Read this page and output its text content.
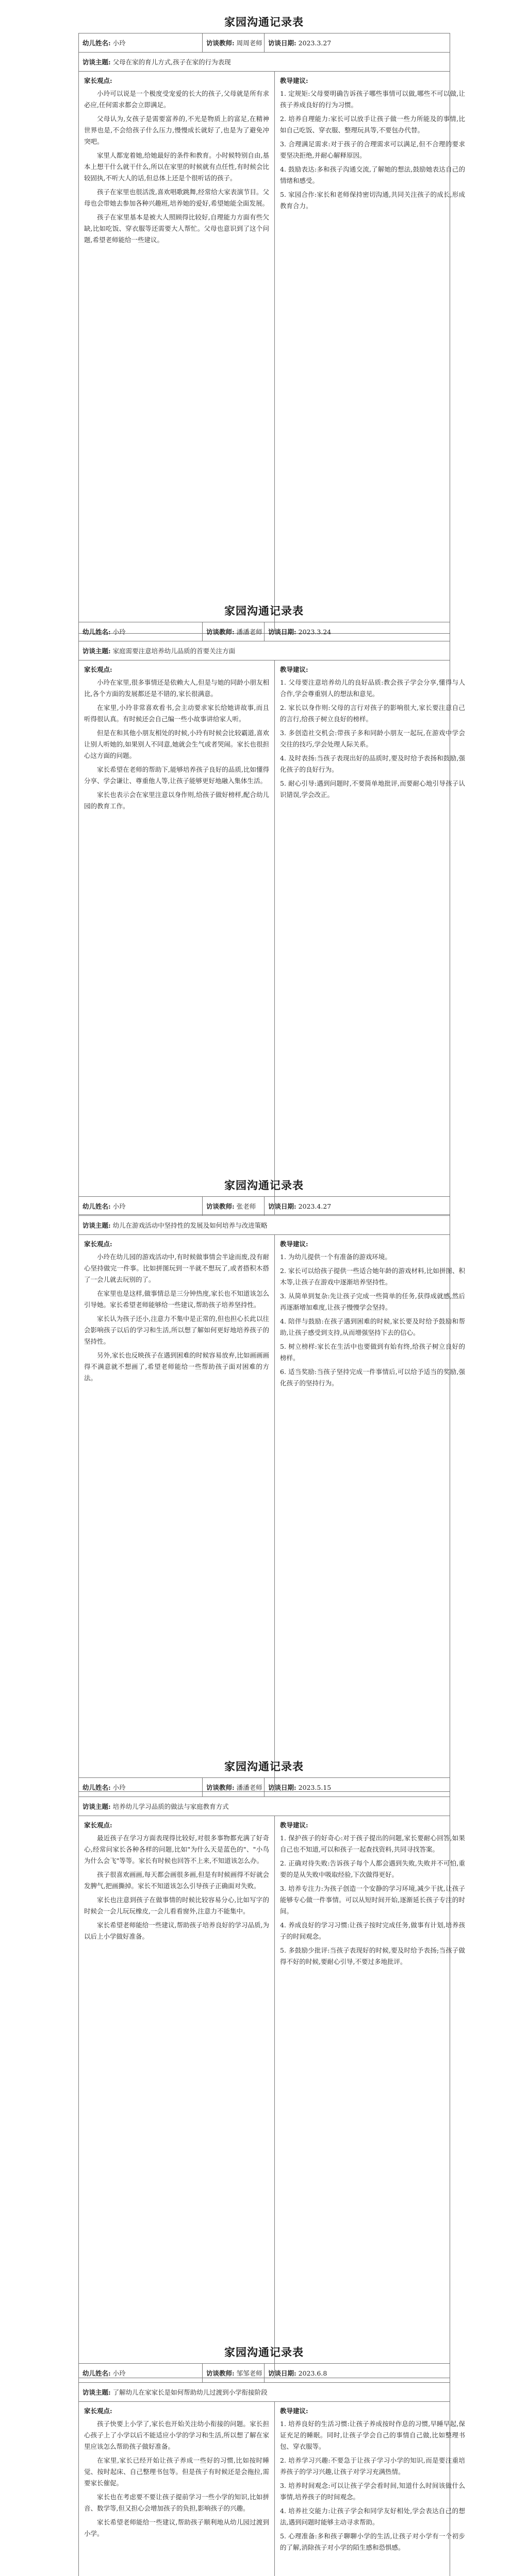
家园沟通记录表
幼儿姓名: 小玲	访谈教师: 周周老师	访谈日期: 2023.3.27
访谈主题: 父母在家的育儿方式,孩子在家的行为表现

家长观点:

小玲可以说是一个极度受宠爱的长大的孩子,父母就是所有求必应,任何需求都会立即满足。

父母认为,女孩子是需要富养的,不光是物质上的富足,在精神世界也是,不会给孩子什么压力,慢慢成长就好了,也是为了避免冲突吧。

家里人都宠着她,给她最好的条件和教育。小时候特别自由,基本上想干什么就干什么,所以在家里的时候就有点任性,有时候会比较固执,不听大人的话,但总体上还是个很听话的孩子。

孩子在家里也很活泼,喜欢唱歌跳舞,经常给大家表演节目。父母也会带她去参加各种兴趣班,培养她的爱好,希望她能全面发展。

孩子在家里基本是被大人照顾得比较好,自理能力方面有些欠缺,比如吃饭、穿衣服等还需要大人帮忙。父母也意识到了这个问题,希望老师能给一些建议。

教导建议:

1. 定规矩:父母要明确告诉孩子哪些事情可以做,哪些不可以做,让孩子养成良好的行为习惯。

2. 培养自理能力:家长可以放手让孩子做一些力所能及的事情,比如自己吃饭、穿衣服、整理玩具等,不要包办代替。

3. 合理满足需求:对于孩子的合理需求可以满足,但不合理的要求要坚决拒绝,并耐心解释原因。

4. 鼓励表达:多和孩子沟通交流,了解她的想法,鼓励她表达自己的情绪和感受。

5. 家园合作:家长和老师保持密切沟通,共同关注孩子的成长,形成教育合力。

家园沟通记录表
幼儿姓名: 小玲	访谈教师: 潘潘老师	访谈日期: 2023.3.24
访谈主题: 家庭需要注意培养幼儿品质的首要关注方面

家长观点:

小玲在家里,很多事情还是依赖大人,但是与她的同龄小朋友相比,各个方面的发展都还是不错的,家长很满意。

在家里,小玲非常喜欢看书,会主动要求家长给她讲故事,而且听得很认真。有时候还会自己编一些小故事讲给家人听。

但是在和其他小朋友相处的时候,小玲有时候会比较霸道,喜欢让别人听她的,如果别人不同意,她就会生气或者哭闹。家长也很担心这方面的问题。

家长希望在老师的帮助下,能够培养孩子良好的品质,比如懂得分享、学会谦让、尊重他人等,让孩子能够更好地融入集体生活。

家长也表示会在家里注意以身作则,给孩子做好榜样,配合幼儿园的教育工作。

教导建议:

1. 父母要注意培养幼儿的良好品质:教会孩子学会分享,懂得与人合作,学会尊重别人的想法和意见。

2. 家长以身作则:父母的言行对孩子的影响很大,家长要注意自己的言行,给孩子树立良好的榜样。

3. 多创造社交机会:带孩子多和同龄小朋友一起玩,在游戏中学会交往的技巧,学会处理人际关系。

4. 及时表扬:当孩子表现出好的品质时,要及时给予表扬和鼓励,强化孩子的良好行为。

5. 耐心引导:遇到问题时,不要简单地批评,而要耐心地引导孩子认识错误,学会改正。

家园沟通记录表
幼儿姓名: 小玲	访谈教师: 张老师	访谈日期: 2023.4.27
访谈主题: 幼儿在游戏活动中坚持性的发展及如何培养与改进策略

家长观点:

小玲在幼儿园的游戏活动中,有时候做事情会半途而废,没有耐心坚持做完一件事。比如拼图玩到一半就不想玩了,或者搭积木搭了一会儿就去玩别的了。

在家里也是这样,做事情总是三分钟热度,家长也不知道该怎么引导她。家长希望老师能够给一些建议,帮助孩子培养坚持性。

家长认为孩子还小,注意力不集中是正常的,但也担心长此以往会影响孩子以后的学习和生活,所以想了解如何更好地培养孩子的坚持性。

另外,家长也反映孩子在遇到困难的时候容易放弃,比如画画画得不满意就不想画了,希望老师能给一些帮助孩子面对困难的方法。

教导建议:

1. 为幼儿提供一个有准备的游戏环境。

2. 家长可以给孩子提供一些适合她年龄的游戏材料,比如拼图、积木等,让孩子在游戏中逐渐培养坚持性。

3. 从简单到复杂:先让孩子完成一些简单的任务,获得成就感,然后再逐渐增加难度,让孩子慢慢学会坚持。

4. 陪伴与鼓励:在孩子遇到困难的时候,家长要及时给予鼓励和帮助,让孩子感受到支持,从而增强坚持下去的信心。

5. 树立榜样:家长在生活中也要做到有始有终,给孩子树立良好的榜样。

6. 适当奖励:当孩子坚持完成一件事情后,可以给予适当的奖励,强化孩子的坚持行为。

家园沟通记录表
幼儿姓名: 小玲	访谈教师: 潘潘老师	访谈日期: 2023.5.15
访谈主题: 培养幼儿学习品质的做法与家庭教育方式

家长观点:

最近孩子在学习方面表现得比较好,对很多事物都充满了好奇心,经常问家长各种各样的问题,比如"为什么天是蓝色的"、"小鸟为什么会飞"等等。家长有时候也回答不上来,不知道该怎么办。

孩子很喜欢画画,每天都会画很多画,但是有时候画得不好就会发脾气,把画撕掉。家长不知道该怎么引导孩子正确面对失败。

家长也注意到孩子在做事情的时候比较容易分心,比如写字的时候会一会儿玩玩橡皮,一会儿看看窗外,注意力不能集中。

家长希望老师能给一些建议,帮助孩子培养良好的学习品质,为以后上小学做好准备。

教导建议:

1. 保护孩子的好奇心:对于孩子提出的问题,家长要耐心回答,如果自己也不知道,可以和孩子一起查找资料,共同寻找答案。

2. 正确对待失败:告诉孩子每个人都会遇到失败,失败并不可怕,重要的是从失败中吸取经验,下次做得更好。

3. 培养专注力:为孩子创造一个安静的学习环境,减少干扰,让孩子能够专心做一件事情。可以从短时间开始,逐渐延长孩子专注的时间。

4. 养成良好的学习习惯:让孩子按时完成任务,做事有计划,培养孩子的时间观念。

5. 多鼓励少批评:当孩子表现好的时候,要及时给予表扬;当孩子做得不好的时候,要耐心引导,不要过多地批评。

家园沟通记录表
幼儿姓名: 小玲	访谈教师: 邹邹老师	访谈日期: 2023.6.8
访谈主题: 了解幼儿在家家长是如何帮助幼儿过渡到小学衔接阶段

家长观点:

孩子快要上小学了,家长也开始关注幼小衔接的问题。家长担心孩子上了小学以后不能适应小学的学习和生活,所以想了解在家里应该怎么帮助孩子做好准备。

在家里,家长已经开始让孩子养成一些好的习惯,比如按时睡觉、按时起床、自己整理书包等。但是孩子有时候还是会拖拉,需要家长催促。

家长也在考虑要不要让孩子提前学习一些小学的知识,比如拼音、数学等,但又担心会增加孩子的负担,影响孩子的兴趣。

家长希望老师能给一些建议,帮助孩子顺利地从幼儿园过渡到小学。

教导建议:

1. 培养良好的生活习惯:让孩子养成按时作息的习惯,早睡早起,保证充足的睡眠。同时,让孩子学会自己的事情自己做,比如整理书包、穿衣服等。

2. 培养学习兴趣:不要急于让孩子学习小学的知识,而是要注重培养孩子的学习兴趣,让孩子对学习充满热情。

3. 培养时间观念:可以让孩子学会看时间,知道什么时间该做什么事情,培养孩子的时间观念。

4. 培养社交能力:让孩子学会和同学友好相处,学会表达自己的想法,遇到问题时能够主动寻求帮助。

5. 心理准备:多和孩子聊聊小学的生活,让孩子对小学有一个初步的了解,消除孩子对小学的陌生感和恐惧感。
